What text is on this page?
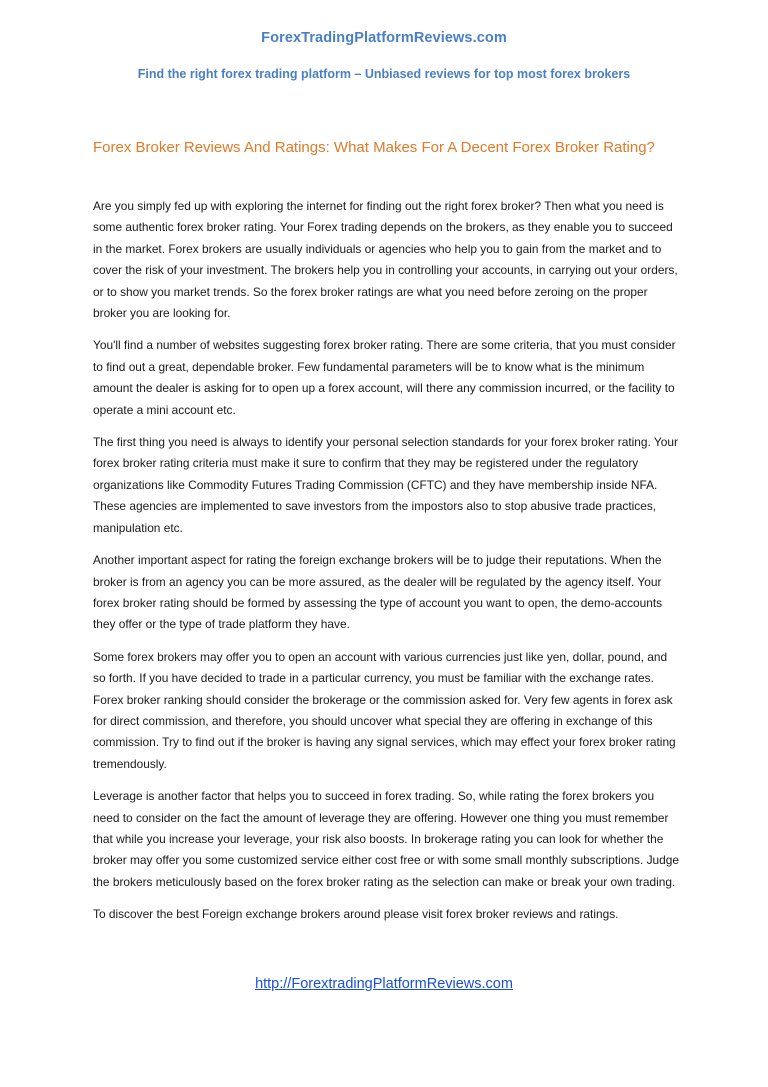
ForexTradingPlatformReviews.com
Find the right forex trading platform – Unbiased reviews for top most forex brokers
Forex Broker Reviews And Ratings: What Makes For A Decent Forex Broker Rating?

Are you simply fed up with exploring the internet for finding out the right forex broker? Then what you need is some authentic forex broker rating. Your Forex trading depends on the brokers, as they enable you to succeed in the market. Forex brokers are usually individuals or agencies who help you to gain from the market and to cover the risk of your investment. The brokers help you in controlling your accounts, in carrying out your orders, or to show you market trends. So the forex broker ratings are what you need before zeroing on the proper broker you are looking for.

You'll find a number of websites suggesting forex broker rating. There are some criteria, that you must consider to find out a great, dependable broker. Few fundamental parameters will be to know what is the minimum amount the dealer is asking for to open up a forex account, will there any commission incurred, or the facility to operate a mini account etc.

The first thing you need is always to identify your personal selection standards for your forex broker rating. Your forex broker rating criteria must make it sure to confirm that they may be registered under the regulatory organizations like Commodity Futures Trading Commission (CFTC) and they have membership inside NFA. These agencies are implemented to save investors from the impostors also to stop abusive trade practices, manipulation etc.

Another important aspect for rating the foreign exchange brokers will be to judge their reputations. When the broker is from an agency you can be more assured, as the dealer will be regulated by the agency itself. Your forex broker rating should be formed by assessing the type of account you want to open, the demo-accounts they offer or the type of trade platform they have.

Some forex brokers may offer you to open an account with various currencies just like yen, dollar, pound, and so forth. If you have decided to trade in a particular currency, you must be familiar with the exchange rates. Forex broker ranking should consider the brokerage or the commission asked for. Very few agents in forex ask for direct commission, and therefore, you should uncover what special they are offering in exchange of this commission. Try to find out if the broker is having any signal services, which may effect your forex broker rating tremendously.

Leverage is another factor that helps you to succeed in forex trading. So, while rating the forex brokers you need to consider on the fact the amount of leverage they are offering. However one thing you must remember that while you increase your leverage, your risk also boosts. In brokerage rating you can look for whether the broker may offer you some customized service either cost free or with some small monthly subscriptions. Judge the brokers meticulously based on the forex broker rating as the selection can make or break your own trading.

To discover the best Foreign exchange brokers around please visit forex broker reviews and ratings.

http://ForextradingPlatformReviews.com
